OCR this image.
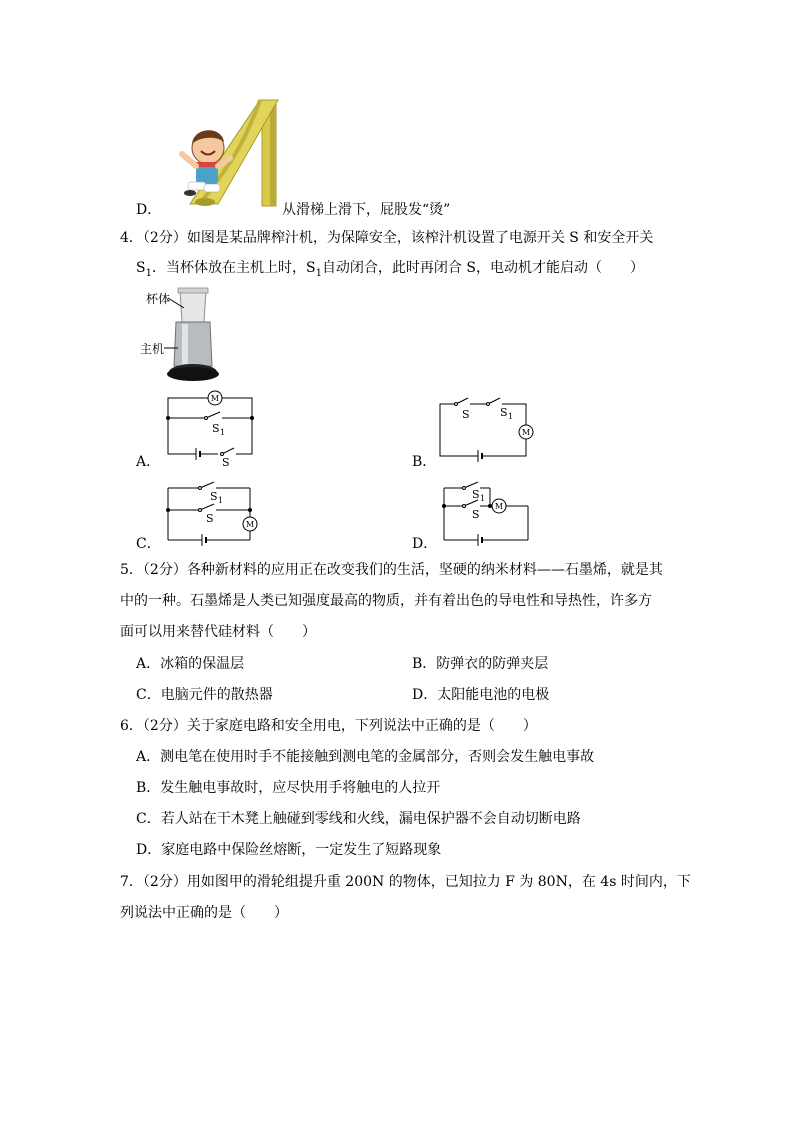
D．	从滑梯上滑下，屁股发“烫”
4．（2分）如图是某品牌榨汁机，为保障安全，该榨汁机设置了电源开关 S 和安全开关
$S_1$．当杯体放在主机上时，$S_1$自动闭合，此时再闭合 S，电动机才能启动（　　）
杯体
主机
A．
M
S 1
S	B．
S	S 1
M
C．
S 1
S	M
D．
S 1
S
M
5．（2分）各种新材料的应用正在改变我们的生活，坚硬的纳米材料——石墨烯，就是其
中的一种。石墨烯是人类已知强度最高的物质，并有着出色的导电性和导热性，许多方
面可以用来替代硅材料（　　）
A．冰箱的保温层	B．防弹衣的防弹夹层
C．电脑元件的散热器	D．太阳能电池的电极
6．（2分）关于家庭电路和安全用电，下列说法中正确的是（　　）
A．测电笔在使用时手不能接触到测电笔的金属部分，否则会发生触电事故
B．发生触电事故时，应尽快用手将触电的人拉开
C．若人站在干木凳上触碰到零线和火线，漏电保护器不会自动切断电路
D．家庭电路中保险丝熔断，一定发生了短路现象
7．（2分）用如图甲的滑轮组提升重 200N 的物体，已知拉力 F 为 80N，在 4s 时间内，下
列说法中正确的是（　　）
